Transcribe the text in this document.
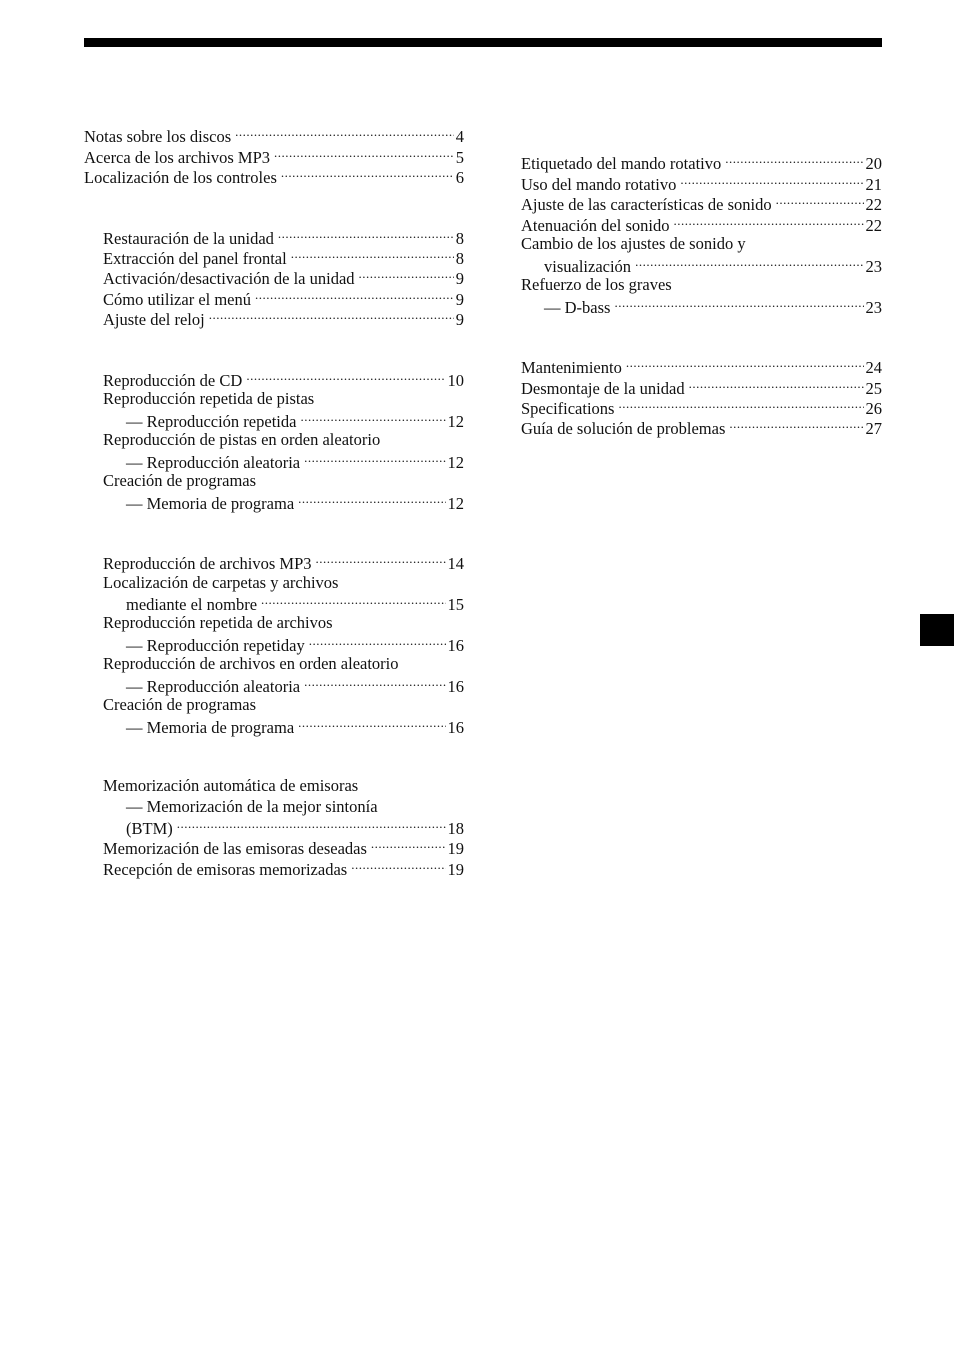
Notas sobre los discos .....	4
Acerca de los archivos MP3 .....	5
Localización de los controles .....	6
Restauración de la unidad .....	8
Extracción del panel frontal .....	8
Activación/desactivación de la unidad .....	9
Cómo utilizar el menú .....	9
Ajuste del reloj .....	9
Reproducción de CD .....	10
Reproducción repetida de pistas
— Reproducción repetida .....	12
Reproducción de pistas en orden aleatorio
— Reproducción aleatoria .....	12
Creación de programas
— Memoria de programa .....	12
Reproducción de archivos MP3 .....	14
Localización de carpetas y archivos
mediante el nombre .....	15
Reproducción repetida de archivos
— Reproducción repetiday .....	16
Reproducción de archivos en orden aleatorio
— Reproducción aleatoria .....	16
Creación de programas
— Memoria de programa .....	16
Memorización automática de emisoras
— Memorización de la mejor sintonía
(BTM) .....	18
Memorización de las emisoras deseadas .....	19
Recepción de emisoras memorizadas .....	19
Etiquetado del mando rotativo .....	20
Uso del mando rotativo .....	21
Ajuste de las características de sonido .....	22
Atenuación del sonido .....	22
Cambio de los ajustes de sonido y
visualización .....	23
Refuerzo de los graves
— D-bass .....	23
Mantenimiento .....	24
Desmontaje de la unidad .....	25
Specifications .....	26
Guía de solución de problemas .....	27
